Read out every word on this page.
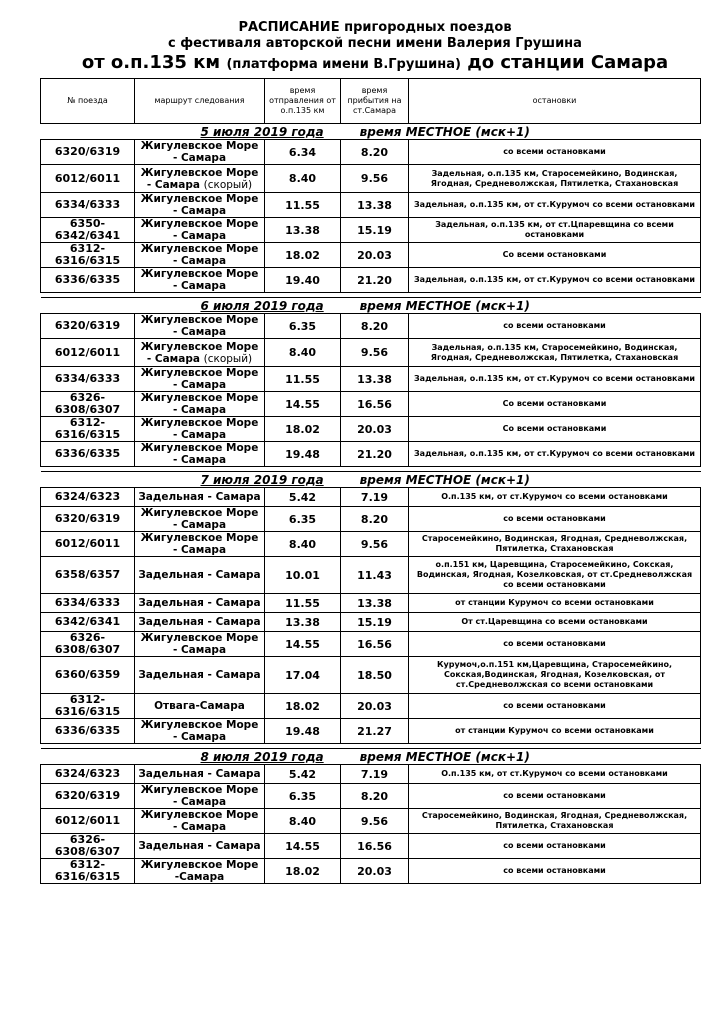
РАСПИСАНИЕ пригородных поездов
с фестиваля авторской песни имени Валерия Грушина
от о.п.135 км (платформа имени В.Грушина) до станции Самара
№ поезда	маршрут следования	время отправления от о.п.135 км	время прибытия на ст.Самара	остановки
5 июля 2019 года время МЕСТНОЕ (мск+1)				
6320/6319	Жигулевское Море - Самара	6.34	8.20	со всеми остановками
6012/6011	Жигулевское Море - Самара (скорый)	8.40	9.56	Задельная, о.п.135 км, Старосемейкино, Водинская, Ягодная, Средневолжская, Пятилетка, Стахановская
6334/6333	Жигулевское Море - Самара	11.55	13.38	Задельная, о.п.135 км, от ст.Курумоч со всеми остановками
6350-6342/6341	Жигулевское Море - Самара	13.38	15.19	Задельная, о.п.135 км, от ст.Цпаревщина со всеми остановками
6312-6316/6315	Жигулевское Море - Самара	18.02	20.03	Со всеми остановками
6336/6335	Жигулевское Море - Самара	19.40	21.20	Задельная, о.п.135 км, от ст.Курумоч со всеми остановками

6 июля 2019 года время МЕСТНОЕ (мск+1)				
6320/6319	Жигулевское Море - Самара	6.35	8.20	со всеми остановками
6012/6011	Жигулевское Море - Самара (скорый)	8.40	9.56	Задельная, о.п.135 км, Старосемейкино, Водинская, Ягодная, Средневолжская, Пятилетка, Стахановская
6334/6333	Жигулевское Море - Самара	11.55	13.38	Задельная, о.п.135 км, от ст.Курумоч со всеми остановками
6326-6308/6307	Жигулевское Море - Самара	14.55	16.56	Со всеми остановками
6312-6316/6315	Жигулевское Море - Самара	18.02	20.03	Со всеми остановками
6336/6335	Жигулевское Море - Самара	19.48	21.20	Задельная, о.п.135 км, от ст.Курумоч со всеми остановками

7 июля 2019 года время МЕСТНОЕ (мск+1)				
6324/6323	Задельная - Самара	5.42	7.19	О.п.135 км, от ст.Курумоч со всеми остановками
6320/6319	Жигулевское Море - Самара	6.35	8.20	со всеми остановками
6012/6011	Жигулевское Море - Самара	8.40	9.56	Старосемейкино, Водинская, Ягодная, Средневолжская, Пятилетка, Стахановская
6358/6357	Задельная - Самара	10.01	11.43	о.п.151 км, Царевщина, Старосемейкино, Сокская, Водинская, Ягодная, Козелковская, от ст.Средневолжская со всеми остановками
6334/6333	Задельная - Самара	11.55	13.38	от станции Курумоч со всеми остановками
6342/6341	Задельная - Самара	13.38	15.19	От ст.Царевщина со всеми остановками
6326-6308/6307	Жигулевское Море - Самара	14.55	16.56	со всеми остановками
6360/6359	Задельная - Самара	17.04	18.50	Курумоч,о.п.151 км,Царевщина, Старосемейкино, Сокская,Водинская, Ягодная, Козелковская, от ст.Средневолжская со всеми остановками
6312-6316/6315	Отвага-Самара	18.02	20.03	со всеми остановками
6336/6335	Жигулевское Море - Самара	19.48	21.27	от станции Курумоч со всеми остановками

8 июля 2019 года время МЕСТНОЕ (мск+1)				
6324/6323	Задельная - Самара	5.42	7.19	О.п.135 км, от ст.Курумоч со всеми остановками
6320/6319	Жигулевское Море - Самара	6.35	8.20	со всеми остановками
6012/6011	Жигулевское Море - Самара	8.40	9.56	Старосемейкино, Водинская, Ягодная, Средневолжская, Пятилетка, Стахановская
6326-6308/6307	Задельная - Самара	14.55	16.56	со всеми остановками
6312-6316/6315	Жигулевское Море -Самара	18.02	20.03	со всеми остановками
